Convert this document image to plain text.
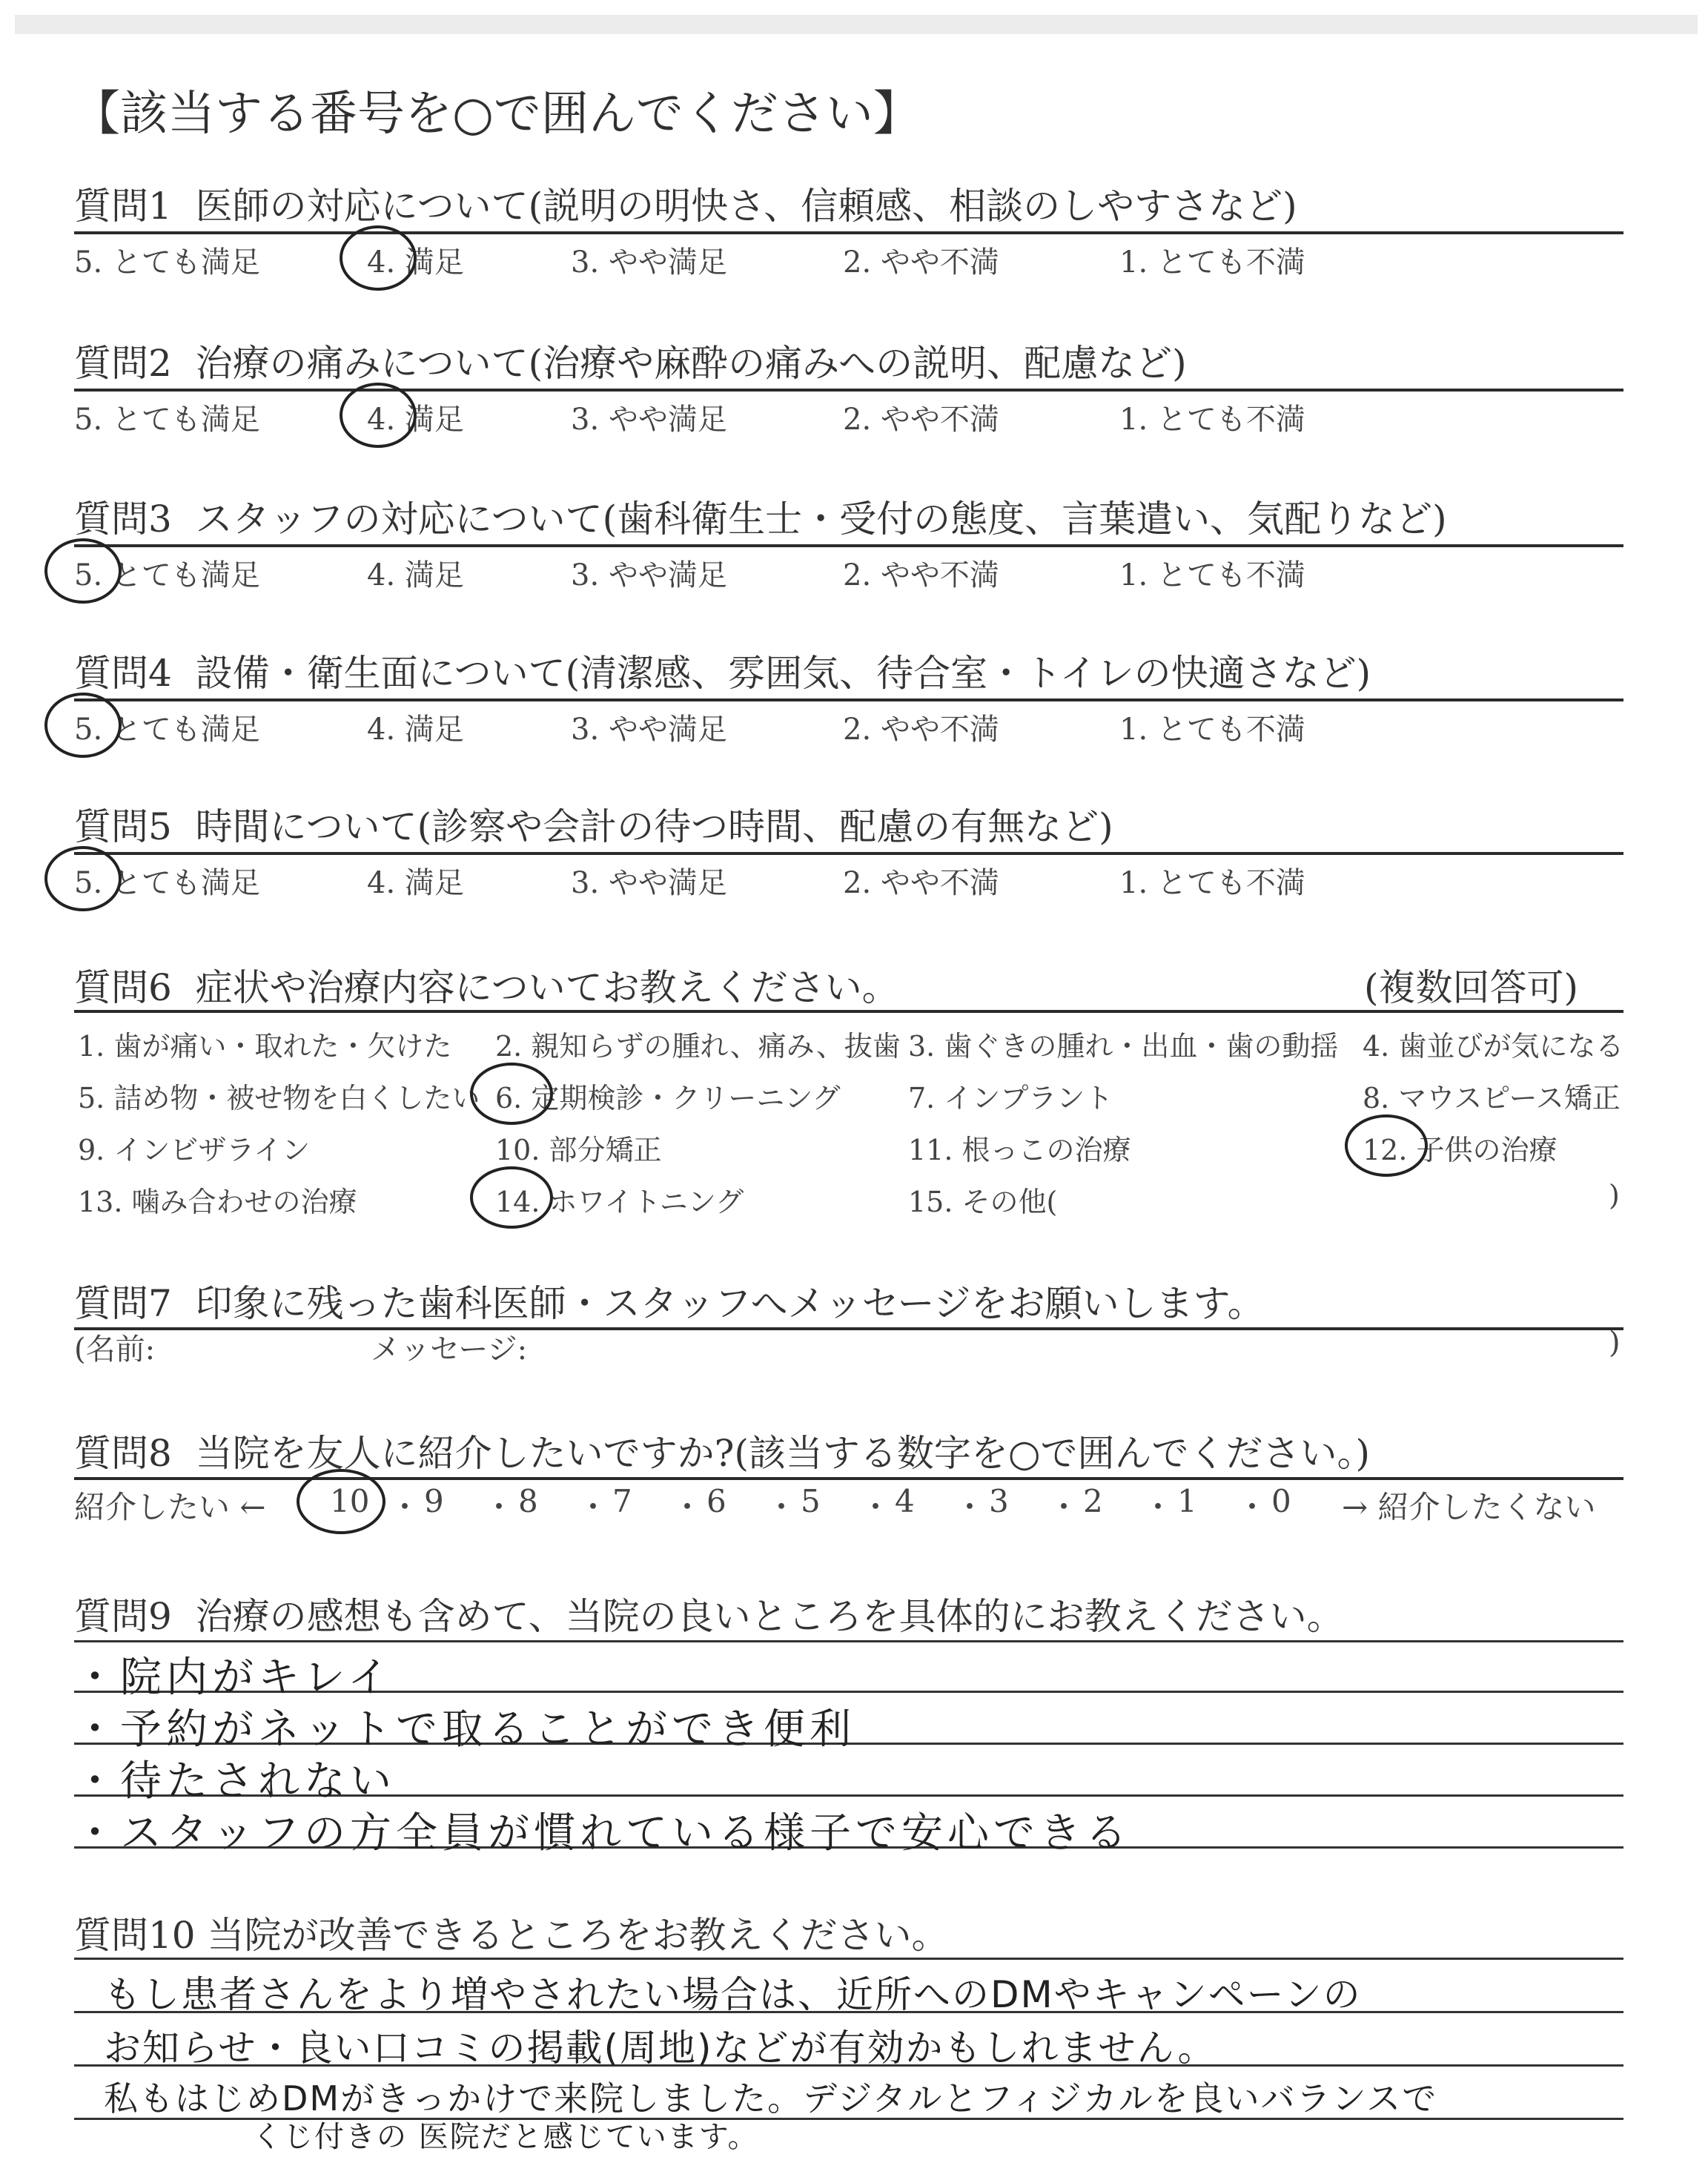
【該当する番号を○で囲んでください】
質問1 医師の対応について(説明の明快さ、信頼感、相談のしやすさなど)
5. とても満足	4. 満足	3. やや満足	2. やや不満	1. とても不満
質問2 治療の痛みについて(治療や麻酔の痛みへの説明、配慮など)
5. とても満足	4. 満足	3. やや満足	2. やや不満	1. とても不満
質問3 スタッフの対応について(歯科衛生士・受付の態度、言葉遣い、気配りなど)
5. とても満足	4. 満足	3. やや満足	2. やや不満	1. とても不満
質問4 設備・衛生面について(清潔感、雰囲気、待合室・トイレの快適さなど)
5. とても満足	4. 満足	3. やや満足	2. やや不満	1. とても不満
質問5 時間について(診察や会計の待つ時間、配慮の有無など)
5. とても満足	4. 満足	3. やや満足	2. やや不満	1. とても不満
質問6 症状や治療内容についてお教えください。	(複数回答可)
1. 歯が痛い・取れた・欠けた 2. 親知らずの腫れ、痛み、抜歯 3. 歯ぐきの腫れ・出血・歯の動揺 4. 歯並びが気になる
5. 詰め物・被せ物を白くしたい 6. 定期検診・クリーニング 7. インプラント	8. マウスピース矯正
9. インビザライン	10. 部分矯正	11. 根っこの治療	12. 子供の治療
13. 噛み合わせの治療	14. ホワイトニング	15. その他(	)
質問7 印象に残った歯科医師・スタッフへメッセージをお願いします。
(名前:	メッセージ:	)
質問8 当院を友人に紹介したいですか?(該当する数字を○で囲んでください。)
紹介したい ← 10 ・ 9 ・ 8 ・ 7 ・ 6 ・ 5 ・ 4 ・ 3 ・ 2 ・ 1 ・ 0 → 紹介したくない
質問9 治療の感想も含めて、当院の良いところを具体的にお教えください。
・院内がキレイ
・予約がネットで取ることができ便利
・待たされない
・スタッフの方全員が慣れている様子で安心できる
質問10 当院が改善できるところをお教えください。
もし患者さんをより増やされたい場合は、近所へのDMやキャンペーンの
お知らせ・良い口コミの掲載(周地)などが有効かもしれません。
私もはじめDMがきっかけで来院しました。デジタルとフィジカルを良いバランスで
くじ付きの 医院だと感じています。
